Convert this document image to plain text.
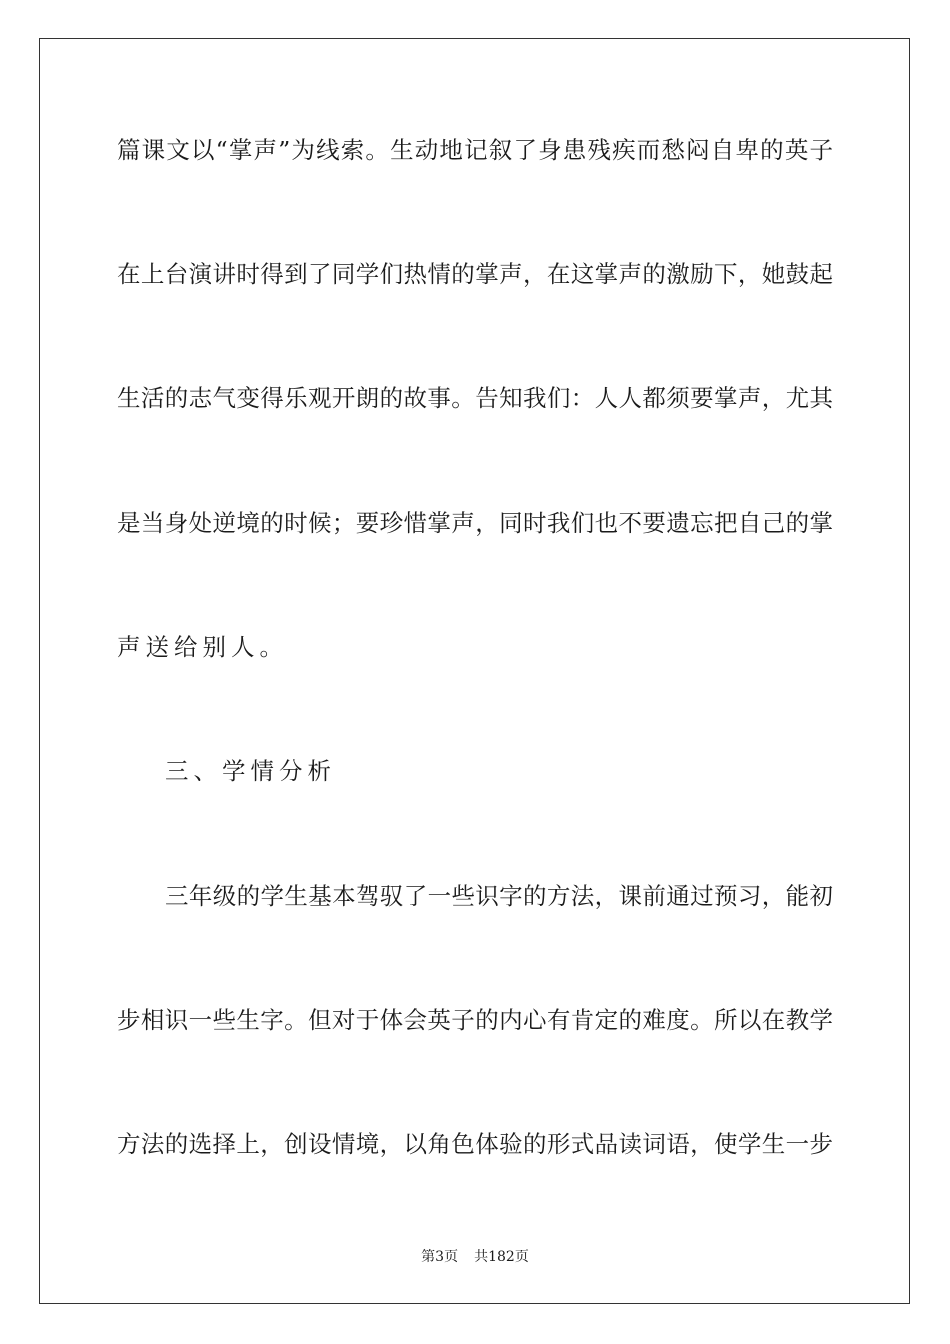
篇课文以“掌声”为线索。生动地记叙了身患残疾而愁闷自卑的英子
在上台演讲时得到了同学们热情的掌声，在这掌声的激励下，她鼓起
生活的志气变得乐观开朗的故事。告知我们：人人都须要掌声，尤其
是当身处逆境的时候；要珍惜掌声，同时我们也不要遗忘把自己的掌
声送给别人。
三、学情分析
三年级的学生基本驾驭了一些识字的方法，课前通过预习，能初
步相识一些生字。但对于体会英子的内心有肯定的难度。所以在教学
方法的选择上，创设情境，以角色体验的形式品读词语，使学生一步
第3页 共182页
